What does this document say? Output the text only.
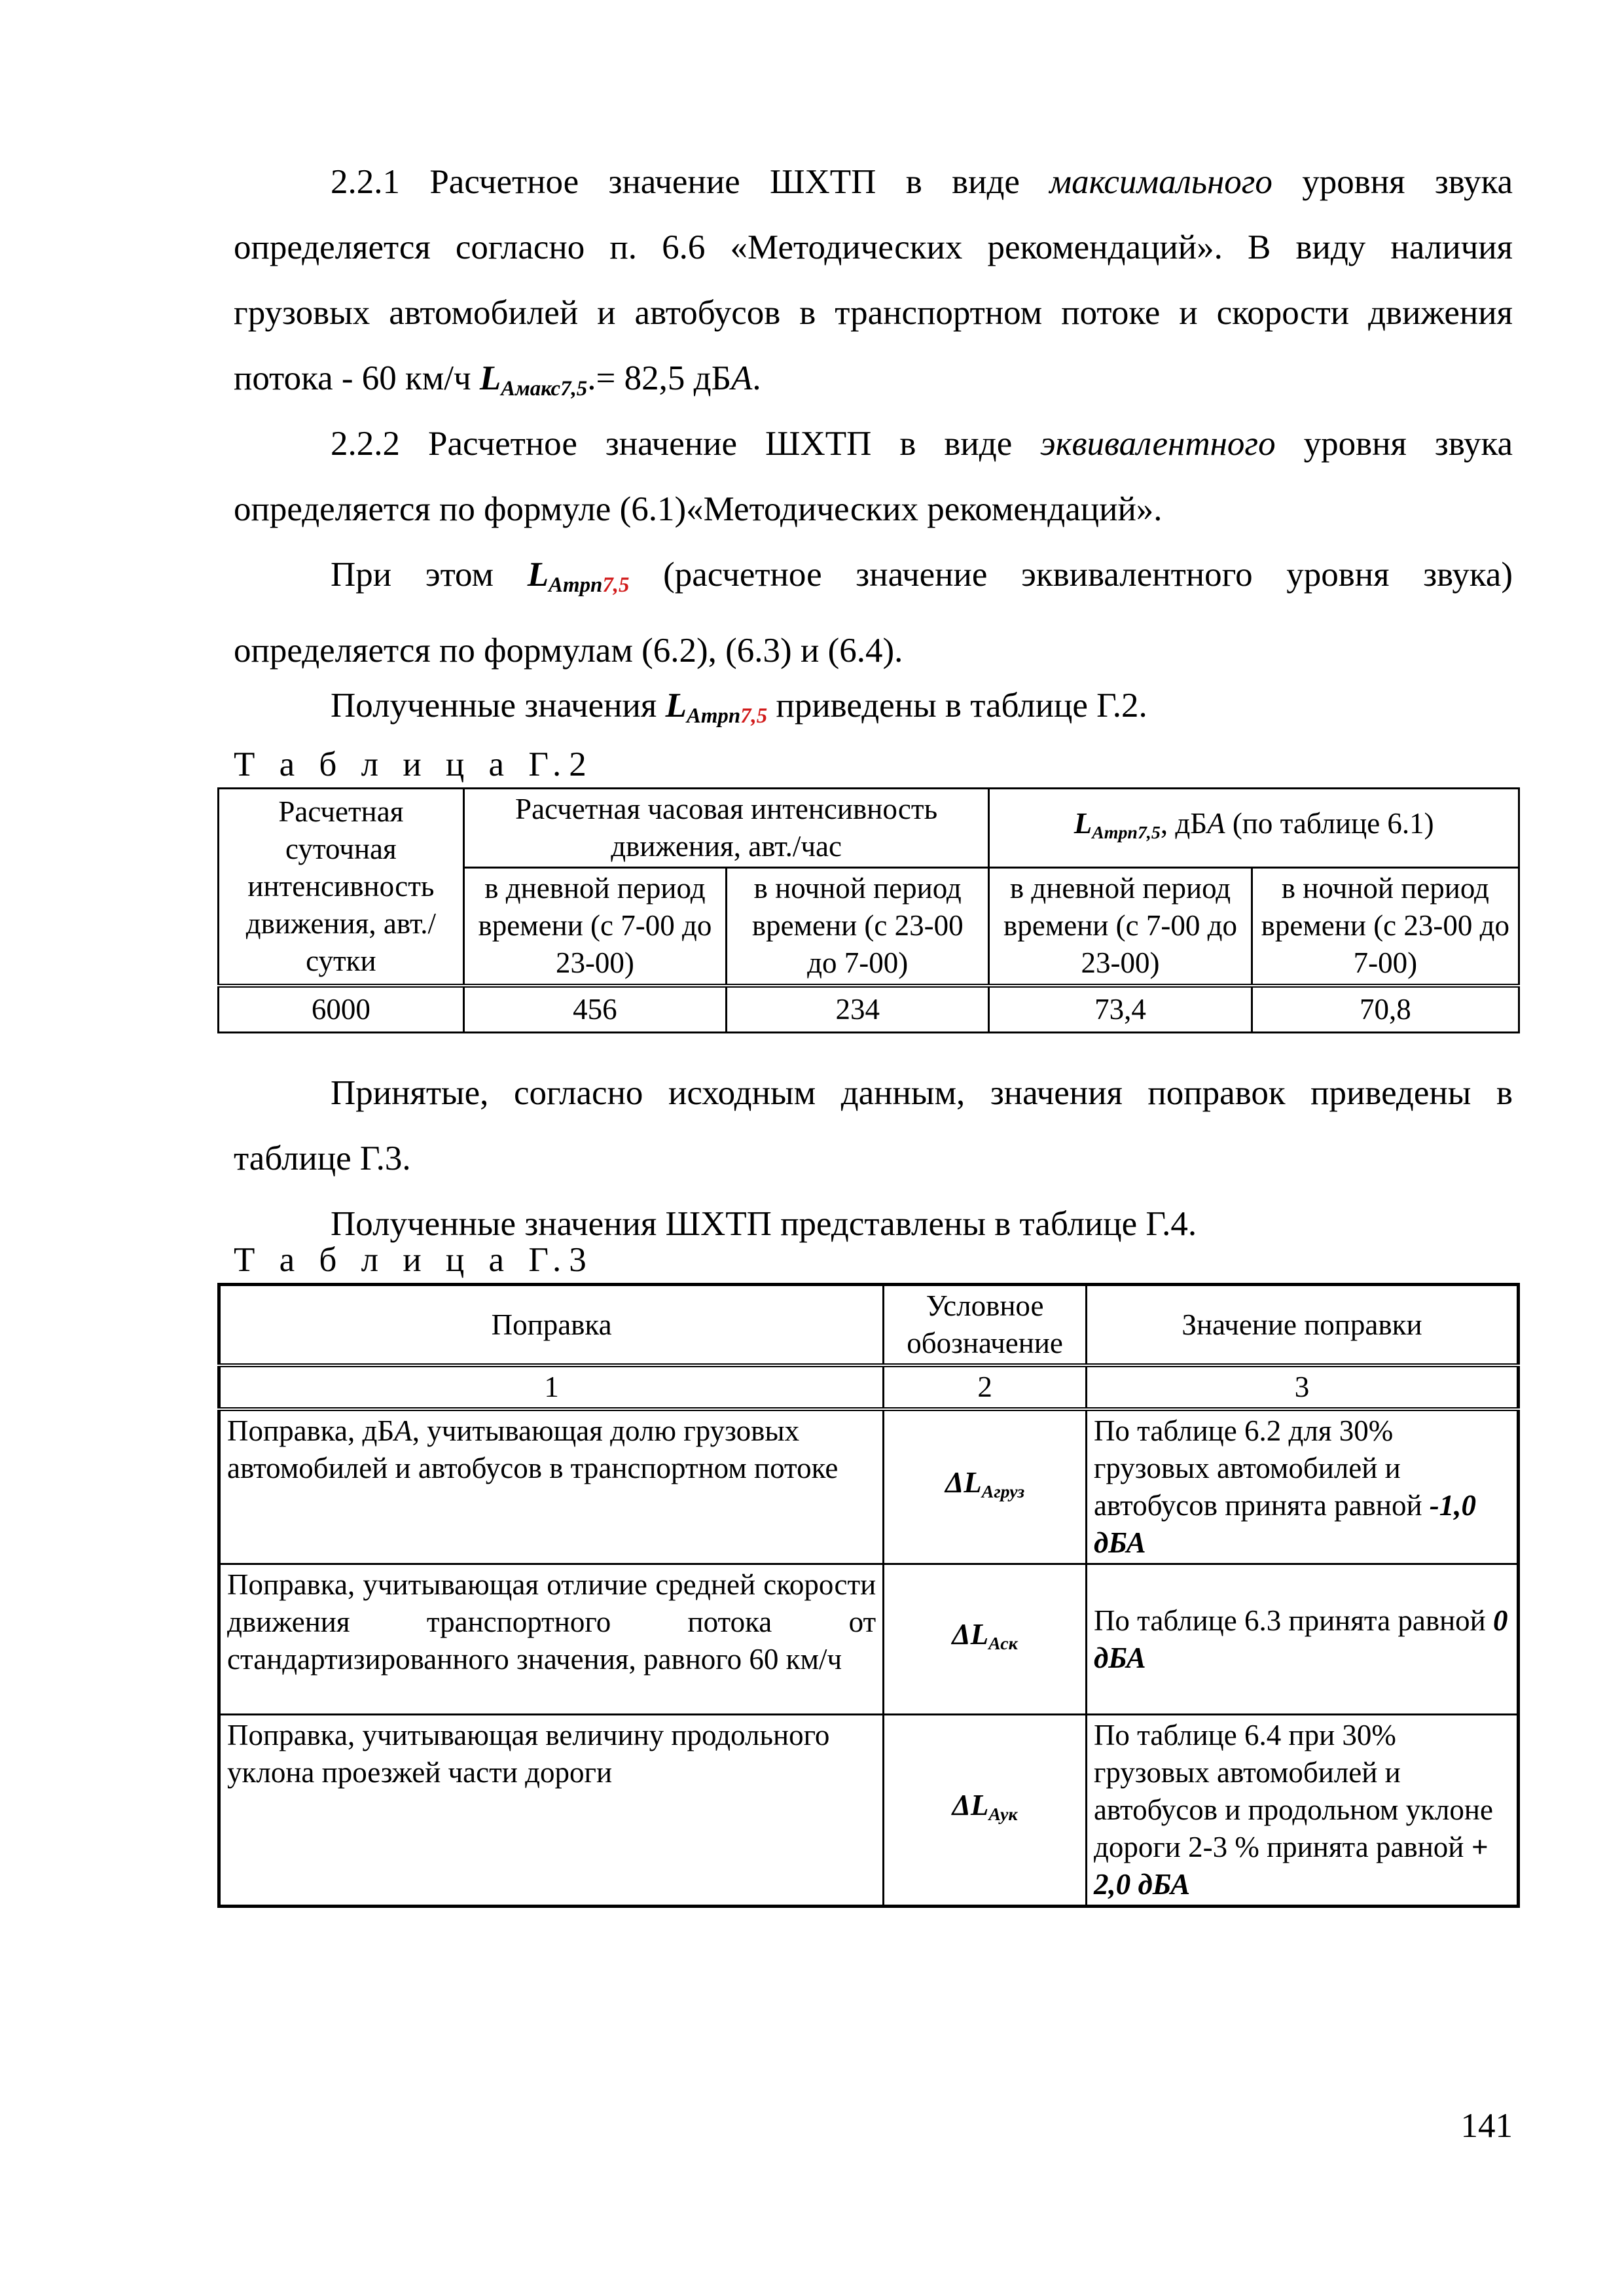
2.2.1 Расчетное значение ШХТП в виде максимального уровня звука определяется согласно п. 6.6 «Методических рекомендаций». В виду наличия грузовых автомобилей и автобусов в транспортном потоке и скорости движения потока - 60 км/ч $L_{Амакс7,5}.= 82,5$ дБА.

2.2.2 Расчетное значение ШХТП в виде эквивалентного уровня звука определяется по формуле (6.1)«Методических рекомендаций».

При этом $L_{Атрп7,5}$ (расчетное значение эквивалентного уровня звука) определяется по формулам (6.2), (6.3) и (6.4).

Полученные значения $L_{Атрп7,5}$ приведены в таблице Г.2.

Т а б л и ц а Г.2
Расчетная суточная интенсивность движения, авт./сутки	Расчетная часовая интенсивность движения, авт./час		$L_{Атрп7,5}$, дБА (по таблице 6.1)	
	в дневной период времени (с 7-00 до 23-00)	в ночной период времени (с 23-00 до 7-00)	в дневной период времени (с 7-00 до 23-00)	в ночной период времени (с 23-00 до 7-00)
6000	456	234	73,4	70,8

Принятые, согласно исходным данным, значения поправок приведены в таблице Г.3.

Полученные значения ШХТП представлены в таблице Г.4.

Т а б л и ц а Г.3
Поправка	Условное обозначение	Значение поправки
1	2	3
Поправка, дБА, учитывающая долю грузовых автомобилей и автобусов в транспортном потоке	$\Delta L_{Агруз}$	По таблице 6.2 для 30% грузовых автомобилей и автобусов принята равной -1,0 дБА
Поправка, учитывающая отличие средней скорости движения транспортного потока от стандартизированного значения, равного 60 км/ч	$\Delta L_{Аск}$	По таблице 6.3 принята равной 0 дБА
Поправка, учитывающая величину продольного уклона проезжей части дороги	$\Delta L_{Аук}$	По таблице 6.4 при 30% грузовых автомобилей и автобусов и продольном уклоне дороги 2-3 % принята равной + 2,0 дБА
141
